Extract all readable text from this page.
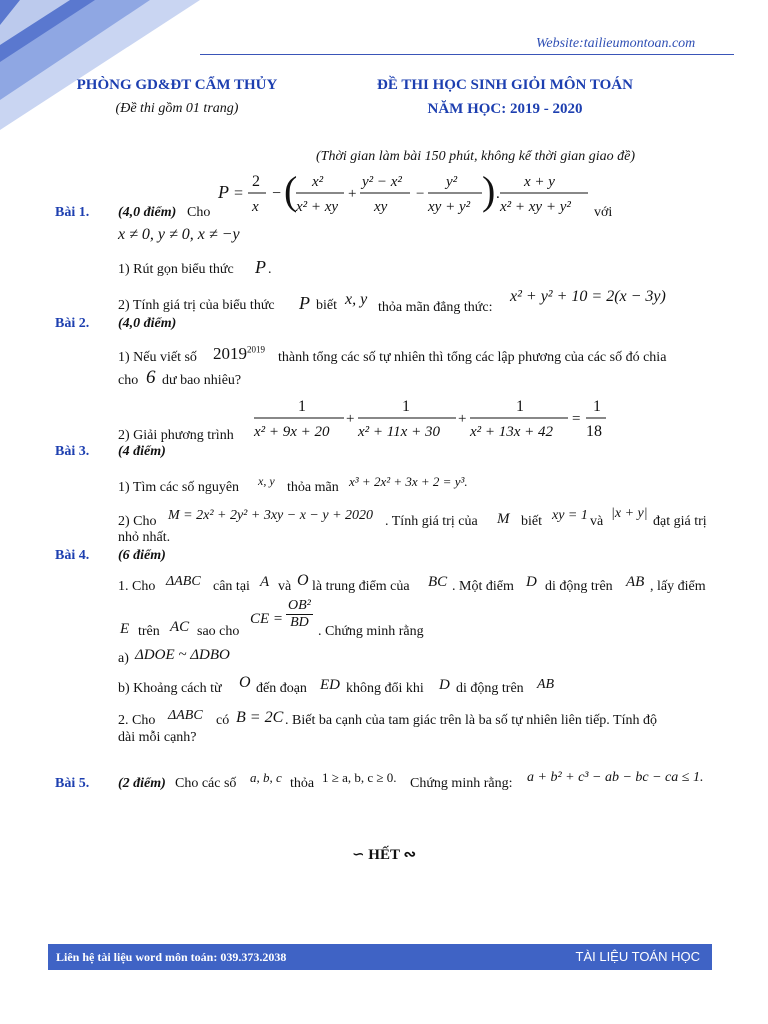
Website:tailieumontoan.com
PHÒNG GD&ĐT CẨM THỦY
(Đề thi gồm 01 trang)
ĐỀ THI HỌC SINH GIỎI MÔN TOÁN
NĂM HỌC: 2019 - 2020
(Thời gian làm bài 150 phút, không kể thời gian giao đề)
P =
2
x
− ( x²
x² + xy
+
y² − x²
xy
−
y²
xy + y² ) .
x + y
x² + xy + y²
Bài 1. (4,0 điểm) Cho	với
x ≠ 0, y ≠ 0, x ≠ −y
1) Rút gọn biểu thức P .
2) Tính giá trị của biểu thức P biết x, y thỏa mãn đẳng thức:
x² + y² + 10 = 2(x − 3y)
Bài 2. (4,0 điểm)
1) Nếu viết số $2019^{2019}$
thành tổng các số tự nhiên thì tổng các lập phương của các số đó chia
cho 6 dư bao nhiêu?
2) Giải phương trình
1
x² + 9x + 20
+
1
x² + 11x + 30
+
1
x² + 13x + 42
=
1
18
Bài 3. (4 điểm)
1) Tìm các số nguyên x, y thỏa mãn x³ + 2x² + 3x + 2 = y³.
2) Cho M = 2x² + 2y² + 3xy − x − y + 2020 . Tính giá trị của M biết xy = 1 và
|x + y|
đạt giá trị
nhỏ nhất.
Bài 4. (6 điểm)
1. Cho ΔABC cân tại A và O là trung điểm của BC . Một điểm D di động trên AB , lấy điểm
E trên AC sao cho
CE = $\frac{\text{OB²}}{BD}$
. Chứng minh rằng
a) ΔDOE ~ ΔDBO
b) Khoảng cách từ O đến đoạn ED không đổi khi D di động trên AB
2. Cho ΔABC có B = 2C . Biết ba cạnh của tam giác trên là ba số tự nhiên liên tiếp. Tính độ
dài mỗi cạnh?
Bài 5. (2 điểm) Cho các số a, b, c thỏa 1 ≥ a, b, c ≥ 0. Chứng minh rằng: a + b² + c³ − ab − bc − ca ≤ 1.
∽ HẾT ∾
Liên hệ tài liệu word môn toán: 039.373.2038	TÀI LIỆU TOÁN HỌC
